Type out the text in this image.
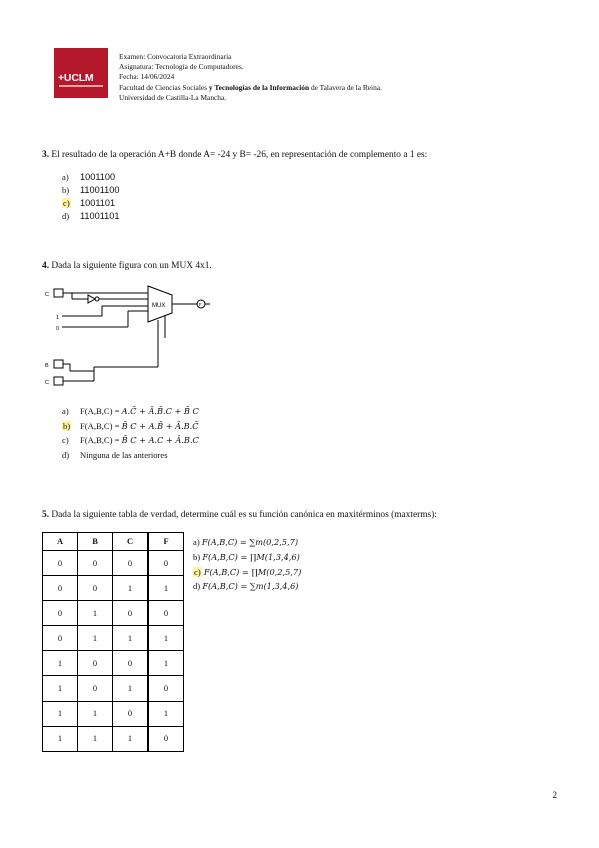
+UCLM
Examen: Convocatoria Extraordinaria
Asignatura: Tecnología de Computadores.
Fecha: 14/06/2024
Facultad de Ciencias Sociales y Tecnologías de la Información de Talavera de la Reina.
Universidad de Castilla-La Mancha.
3. El resultado de la operación A+B donde A= -24 y B= -26, en representación de complemento a 1 es:
a) 1001100
b) 11001100
c) 1001101
d) 11001101
4. Dada la siguiente figura con un MUX 4x1.
C
1
0
MUX	F
B
C
a) F(A,B,C) = A.C̄ + Ā.B̄.C + B̄ C
b) F(A,B,C) = B̄ C + A.B̄ + Ā.B.C̄
c) F(A,B,C) = B̄ C + A.C + Ā.B.C
d) Ninguna de las anteriores
5. Dada la siguiente tabla de verdad, determine cuál es su función canónica en maxitérminos (maxterms):
A	B	C	F
0	0	0	0
0	0	1	1
0	1	0	0
0	1	1	1
1	0	0	1
1	0	1	0
1	1	0	1
1	1	1	0
a) F(A,B,C) = ∑m(0,2,5,7)
b) F(A,B,C) = ∏M(1,3,4,6)
c) F(A,B,C) = ∏M(0,2,5,7)
d) F(A,B,C) = ∑m(1,3,4,6)
2
